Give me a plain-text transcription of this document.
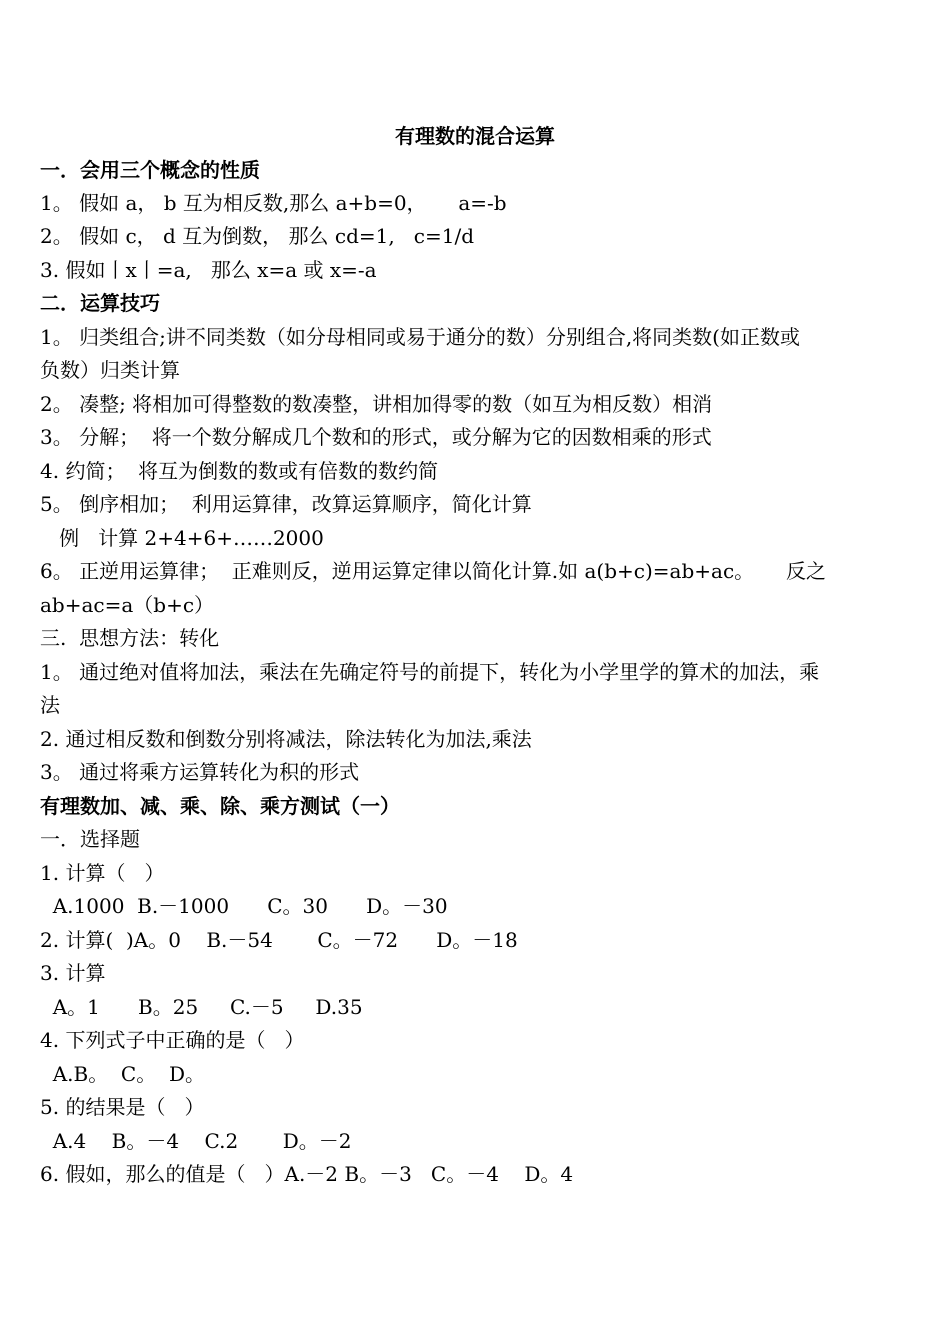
有理数的混合运算
一．会用三个概念的性质
1。 假如 a， b 互为相反数,那么 a+b=0，     a=-b
2。 假如 c， d 互为倒数， 那么 cd=1,   c=1/d
3. 假如丨x丨=a,   那么 x=a 或 x=-a
二．运算技巧
1。 归类组合;讲不同类数（如分母相同或易于通分的数）分别组合,将同类数(如正数或
负数）归类计算
2。 凑整; 将相加可得整数的数凑整，讲相加得零的数（如互为相反数）相消
3。 分解；  将一个数分解成几个数和的形式，或分解为它的因数相乘的形式
4. 约简；  将互为倒数的数或有倍数的数约简
5。 倒序相加；  利用运算律，改算运算顺序，简化计算
例   计算 2+4+6+……2000
6。 正逆用运算律；  正难则反，逆用运算定律以简化计算.如 a(b+c)=ab+ac。     反之
ab+ac=a（b+c）
三.  思想方法：转化
1。 通过绝对值将加法，乘法在先确定符号的前提下，转化为小学里学的算术的加法，乘
法
2. 通过相反数和倒数分别将减法，除法转化为加法,乘法
3。 通过将乘方运算转化为积的形式
有理数加、减、乘、除、乘方测试（一）
一．选择题
1. 计算（   ）
A.1000  B.－1000      C。30      D。－30
2. 计算(  )A。0    B.－54       C。－72      D。－18
3. 计算
A。1      B。25     C.－5     D.35
4. 下列式子中正确的是（   ）
A.B。  C。  D。
5. 的结果是（   ）
A.4    B。－4    C.2       D。－2
6. 假如，那么的值是（   ）A.－2 B。－3   C。－4    D。4
